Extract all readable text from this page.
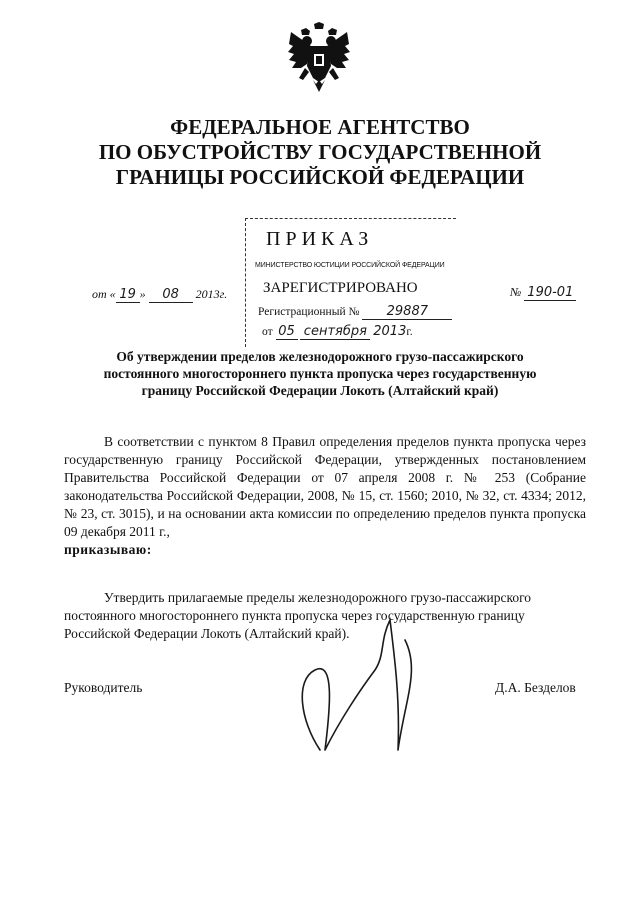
ФЕДЕРАЛЬНОЕ АГЕНТСТВО
ПО ОБУСТРОЙСТВУ ГОСУДАРСТВЕННОЙ
ГРАНИЦЫ РОССИЙСКОЙ ФЕДЕРАЦИИ
ПРИКАЗ
МИНИСТЕРСТВО ЮСТИЦИИ РОССИЙСКОЙ ФЕДЕРАЦИИ
ЗАРЕГИСТРИРОВАНО
Регистрационный № 29887
от 05 сентября 2013г.
от « 19 » 08 2013г.	№ 190-01
Об утверждении пределов железнодорожного грузо-пассажирского
постоянного многостороннего пункта пропуска через государственную
границу Российской Федерации Локоть (Алтайский край)
В соответствии с пунктом 8 Правил определения пределов пункта пропуска через государственную границу Российской Федерации, утвержденных постановлением Правительства Российской Федерации от 07 апреля 2008 г. № 253 (Собрание законодательства Российской Федерации, 2008, № 15, ст. 1560; 2010, № 32, ст. 4334; 2012, № 23, ст. 3015), и на основании акта комиссии по определению пределов пункта пропуска 09 декабря 2011 г.,
приказываю:
Утвердить прилагаемые пределы железнодорожного грузо-пассажирского
постоянного многостороннего пункта пропуска через государственную границу
Российской Федерации Локоть (Алтайский край).
Руководитель	Д.А. Безделов
